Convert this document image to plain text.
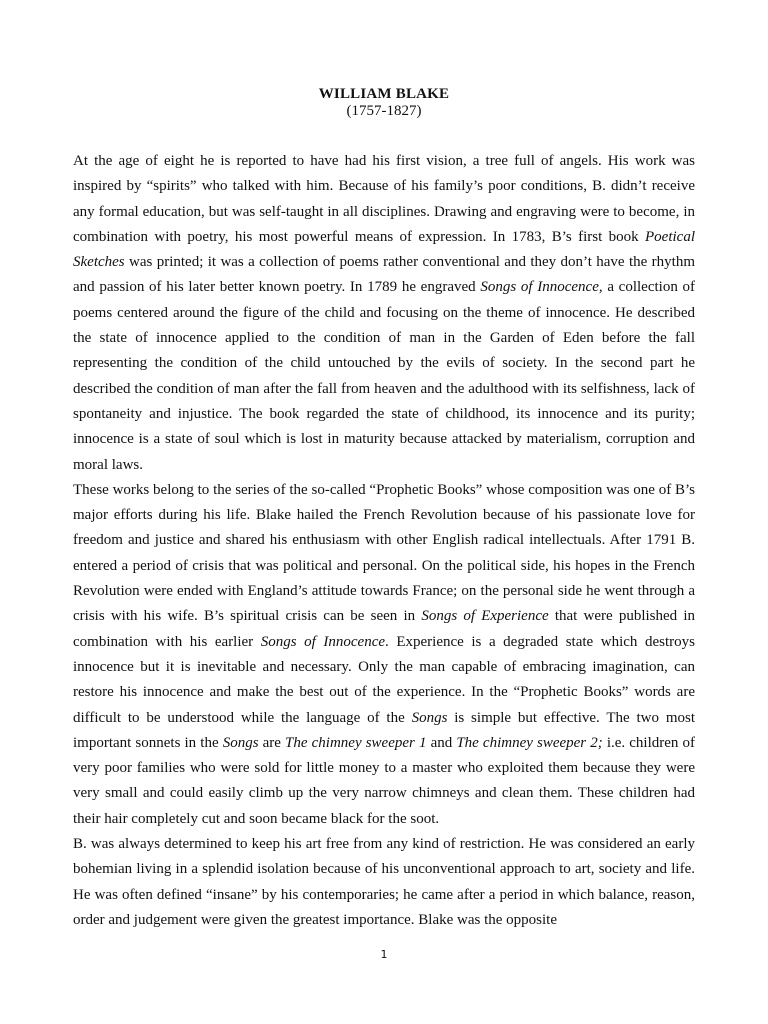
WILLIAM BLAKE
(1757-1827)

At the age of eight he is reported to have had his first vision, a tree full of angels. His work was inspired by “spirits” who talked with him. Because of his family’s poor conditions, B. didn’t receive any formal education, but was self-taught in all disciplines. Drawing and engraving were to become, in combination with poetry, his most powerful means of expression. In 1783, B’s first book Poetical Sketches was printed; it was a collection of poems rather conventional and they don’t have the rhythm and passion of his later better known poetry. In 1789 he engraved Songs of Innocence, a collection of poems centered around the figure of the child and focusing on the theme of innocence. He described the state of innocence applied to the condition of man in the Garden of Eden before the fall representing the condition of the child untouched by the evils of society. In the second part he described the condition of man after the fall from heaven and the adulthood with its selfishness, lack of spontaneity and injustice. The book regarded the state of childhood, its innocence and its purity; innocence is a state of soul which is lost in maturity because attacked by materialism, corruption and moral laws.

These works belong to the series of the so-called “Prophetic Books” whose composition was one of B’s major efforts during his life. Blake hailed the French Revolution because of his passionate love for freedom and justice and shared his enthusiasm with other English radical intellectuals. After 1791 B. entered a period of crisis that was political and personal. On the political side, his hopes in the French Revolution were ended with England’s attitude towards France; on the personal side he went through a crisis with his wife. B’s spiritual crisis can be seen in Songs of Experience that were published in combination with his earlier Songs of Innocence. Experience is a degraded state which destroys innocence but it is inevitable and necessary. Only the man capable of embracing imagination, can restore his innocence and make the best out of the experience. In the “Prophetic Books” words are difficult to be understood while the language of the Songs is simple but effective. The two most important sonnets in the Songs are The chimney sweeper 1 and The chimney sweeper 2; i.e. children of very poor families who were sold for little money to a master who exploited them because they were very small and could easily climb up the very narrow chimneys and clean them. These children had their hair completely cut and soon became black for the soot.

B. was always determined to keep his art free from any kind of restriction. He was considered an early bohemian living in a splendid isolation because of his unconventional approach to art, society and life. He was often defined “insane” by his contemporaries; he came after a period in which balance, reason, order and judgement were given the greatest importance. Blake was the opposite

1
